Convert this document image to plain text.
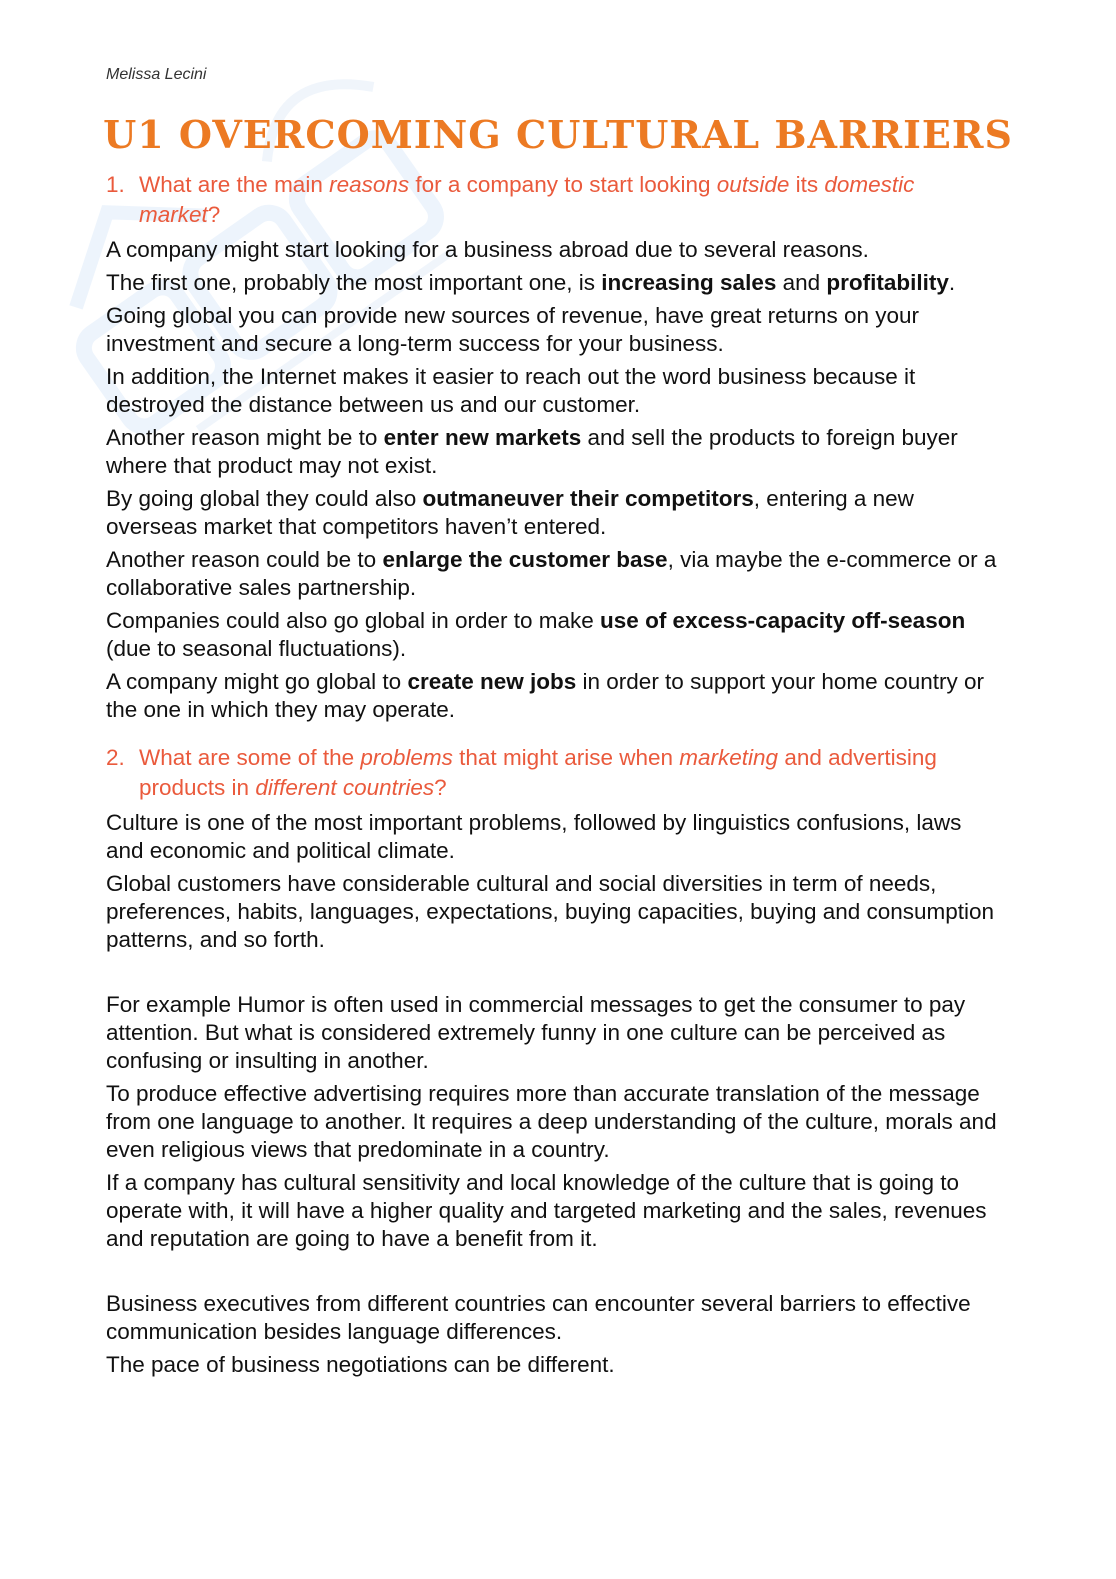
Melissa Lecini
U1 OVERCOMING CULTURAL BARRIERS
1. What are the main reasons for a company to start looking outside its domestic market?
A company might start looking for a business abroad due to several reasons.
The first one, probably the most important one, is increasing sales and profitability.
Going global you can provide new sources of revenue, have great returns on your investment and secure a long-term success for your business.
In addition, the Internet makes it easier to reach out the word business because it destroyed the distance between us and our customer.
Another reason might be to enter new markets and sell the products to foreign buyer where that product may not exist.
By going global they could also outmaneuver their competitors, entering a new overseas market that competitors haven’t entered.
Another reason could be to enlarge the customer base, via maybe the e-commerce or a collaborative sales partnership.
Companies could also go global in order to make use of excess-capacity off-season (due to seasonal fluctuations).
A company might go global to create new jobs in order to support your home country or the one in which they may operate.
2. What are some of the problems that might arise when marketing and advertising products in different countries?
Culture is one of the most important problems, followed by linguistics confusions, laws and economic and political climate.
Global customers have considerable cultural and social diversities in term of needs, preferences, habits, languages, expectations, buying capacities, buying and consumption patterns, and so forth.
For example Humor is often used in commercial messages to get the consumer to pay attention. But what is considered extremely funny in one culture can be perceived as confusing or insulting in another.
To produce effective advertising requires more than accurate translation of the message from one language to another. It requires a deep understanding of the culture, morals and even religious views that predominate in a country.
If a company has cultural sensitivity and local knowledge of the culture that is going to operate with, it will have a higher quality and targeted marketing and the sales, revenues and reputation are going to have a benefit from it.
Business executives from different countries can encounter several barriers to effective communication besides language differences.
The pace of business negotiations can be different.
